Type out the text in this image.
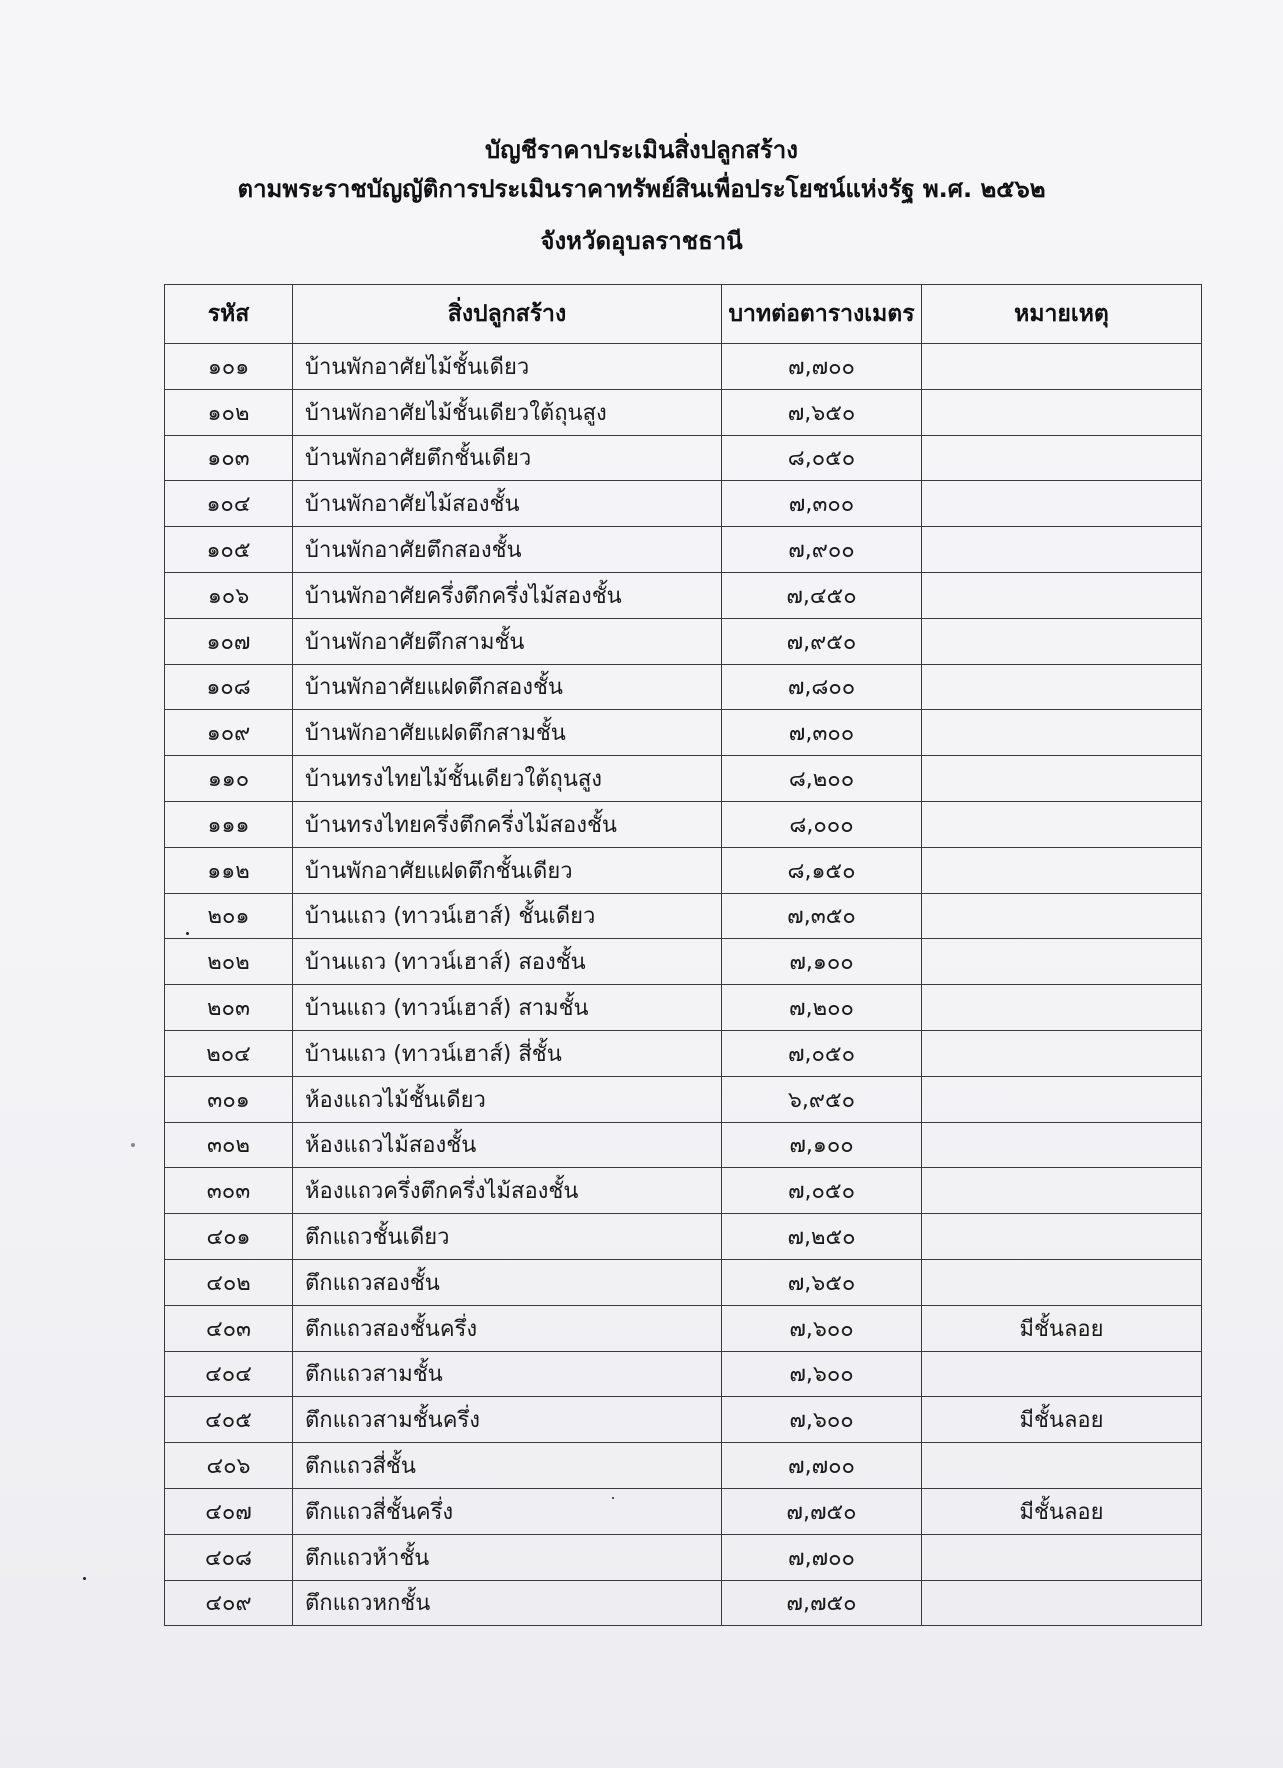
บัญชีราคาประเมินสิ่งปลูกสร้าง
ตามพระราชบัญญัติการประเมินราคาทรัพย์สินเพื่อประโยชน์แห่งรัฐ พ.ศ. ๒๕๖๒
จังหวัดอุบลราชธานี
รหัส	สิ่งปลูกสร้าง	บาทต่อตารางเมตร	หมายเหตุ
๑๐๑	บ้านพักอาศัยไม้ชั้นเดียว	๗,๗๐๐	
๑๐๒	บ้านพักอาศัยไม้ชั้นเดียวใต้ถุนสูง	๗,๖๕๐	
๑๐๓	บ้านพักอาศัยตึกชั้นเดียว	๘,๐๕๐	
๑๐๔	บ้านพักอาศัยไม้สองชั้น	๗,๓๐๐	
๑๐๕	บ้านพักอาศัยตึกสองชั้น	๗,๙๐๐	
๑๐๖	บ้านพักอาศัยครึ่งตึกครึ่งไม้สองชั้น	๗,๔๕๐	
๑๐๗	บ้านพักอาศัยตึกสามชั้น	๗,๙๕๐	
๑๐๘	บ้านพักอาศัยแฝดตึกสองชั้น	๗,๘๐๐	
๑๐๙	บ้านพักอาศัยแฝดตึกสามชั้น	๗,๓๐๐	
๑๑๐	บ้านทรงไทยไม้ชั้นเดียวใต้ถุนสูง	๘,๒๐๐	
๑๑๑	บ้านทรงไทยครึ่งตึกครึ่งไม้สองชั้น	๘,๐๐๐	
๑๑๒	บ้านพักอาศัยแฝดตึกชั้นเดียว	๘,๑๕๐	
๒๐๑	บ้านแถว (ทาวน์เฮาส์) ชั้นเดียว	๗,๓๕๐	
๒๐๒	บ้านแถว (ทาวน์เฮาส์) สองชั้น	๗,๑๐๐	
๒๐๓	บ้านแถว (ทาวน์เฮาส์) สามชั้น	๗,๒๐๐	
๒๐๔	บ้านแถว (ทาวน์เฮาส์) สี่ชั้น	๗,๐๕๐	
๓๐๑	ห้องแถวไม้ชั้นเดียว	๖,๙๕๐	
๓๐๒	ห้องแถวไม้สองชั้น	๗,๑๐๐	
๓๐๓	ห้องแถวครึ่งตึกครึ่งไม้สองชั้น	๗,๐๕๐	
๔๐๑	ตึกแถวชั้นเดียว	๗,๒๕๐	
๔๐๒	ตึกแถวสองชั้น	๗,๖๕๐	
๔๐๓	ตึกแถวสองชั้นครึ่ง	๗,๖๐๐	มีชั้นลอย
๔๐๔	ตึกแถวสามชั้น	๗,๖๐๐	
๔๐๕	ตึกแถวสามชั้นครึ่ง	๗,๖๐๐	มีชั้นลอย
๔๐๖	ตึกแถวสี่ชั้น	๗,๗๐๐	
๔๐๗	ตึกแถวสี่ชั้นครึ่ง	๗,๗๕๐	มีชั้นลอย
๔๐๘	ตึกแถวห้าชั้น	๗,๗๐๐	
๔๐๙	ตึกแถวหกชั้น	๗,๗๕๐	
